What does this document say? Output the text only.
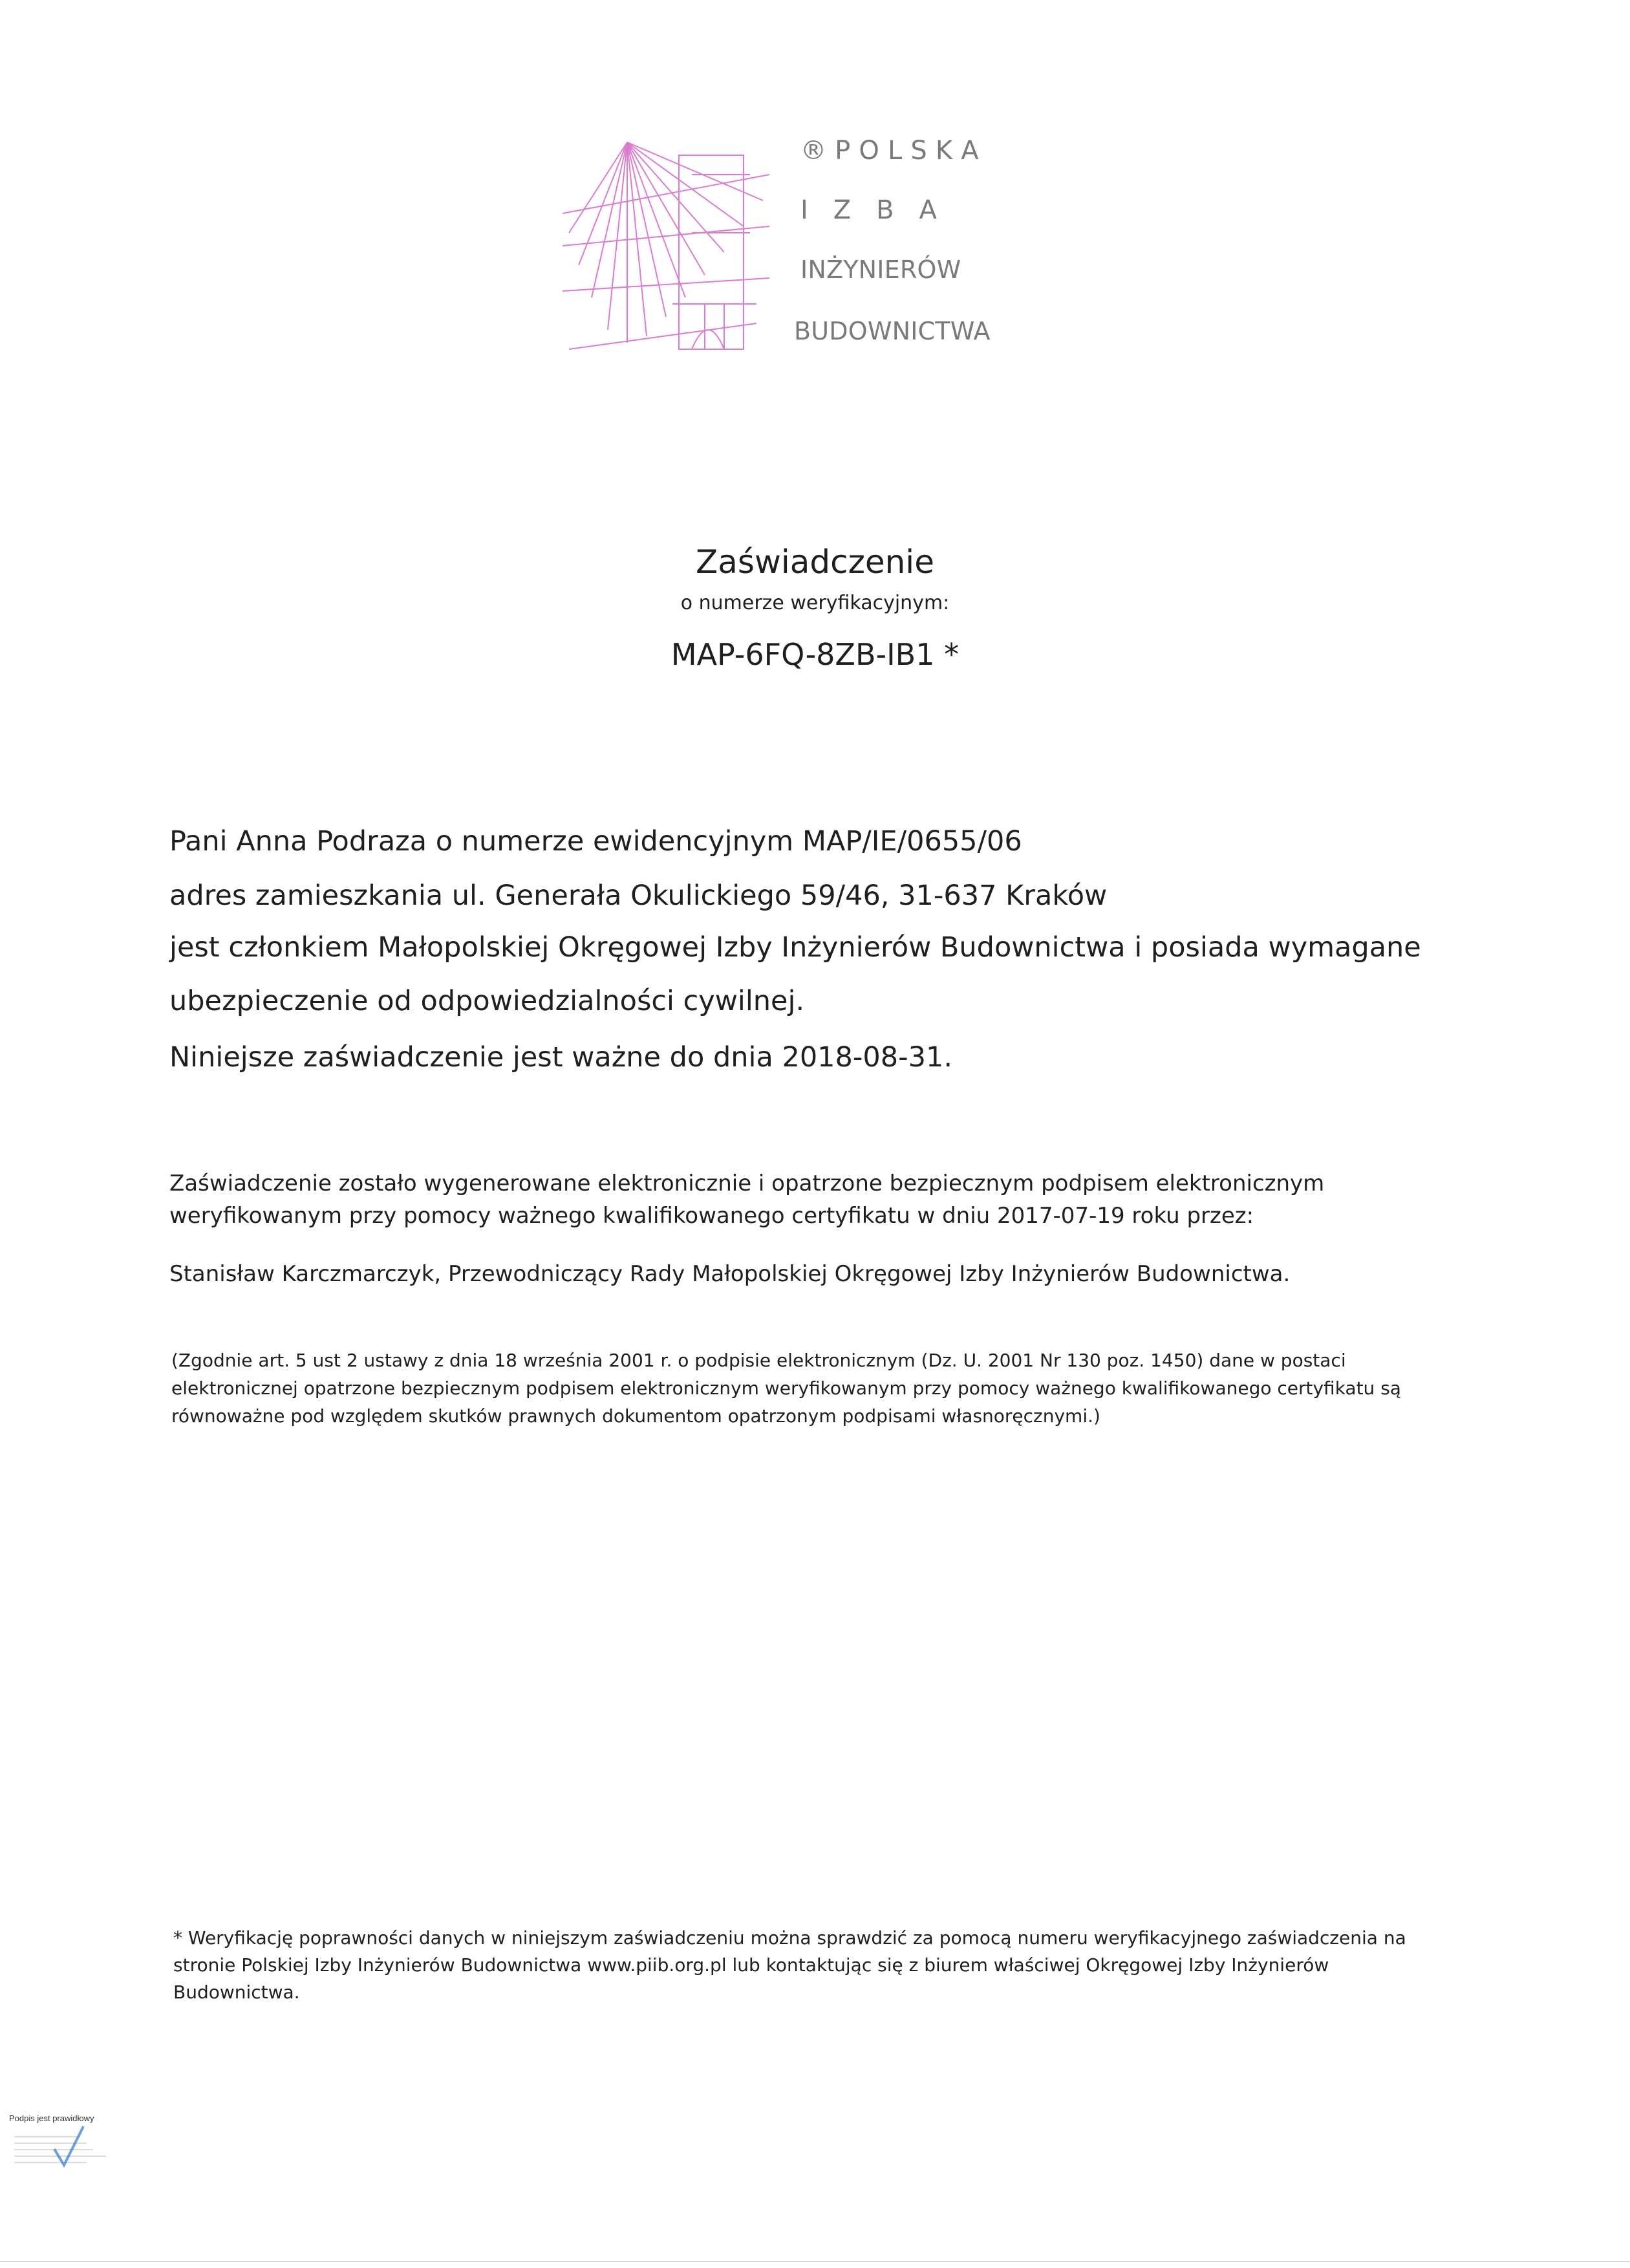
® P O L S K A
I   Z   B   A
INŻYNIERÓW
BUDOWNICTWA
Zaświadczenie
o numerze weryfikacyjnym:
MAP-6FQ-8ZB-IB1 *
Pani Anna Podraza o numerze ewidencyjnym MAP/IE/0655/06
adres zamieszkania ul. Generała Okulickiego 59/46, 31-637 Kraków
jest członkiem Małopolskiej Okręgowej Izby Inżynierów Budownictwa i posiada wymagane
ubezpieczenie od odpowiedzialności cywilnej.
Niniejsze zaświadczenie jest ważne do dnia 2018-08-31.
Zaświadczenie zostało wygenerowane elektronicznie i opatrzone bezpiecznym podpisem elektronicznym
weryfikowanym przy pomocy ważnego kwalifikowanego certyfikatu w dniu 2017-07-19 roku przez:
Stanisław Karczmarczyk, Przewodniczący Rady Małopolskiej Okręgowej Izby Inżynierów Budownictwa.
(Zgodnie art. 5 ust 2 ustawy z dnia 18 września 2001 r. o podpisie elektronicznym (Dz. U. 2001 Nr 130 poz. 1450) dane w postaci
elektronicznej opatrzone bezpiecznym podpisem elektronicznym weryfikowanym przy pomocy ważnego kwalifikowanego certyfikatu są
równoważne pod względem skutków prawnych dokumentom opatrzonym podpisami własnoręcznymi.)
* Weryfikację poprawności danych w niniejszym zaświadczeniu można sprawdzić za pomocą numeru weryfikacyjnego zaświadczenia na
stronie Polskiej Izby Inżynierów Budownictwa www.piib.org.pl lub kontaktując się z biurem właściwej Okręgowej Izby Inżynierów
Budownictwa.
Podpis jest prawidłowy
